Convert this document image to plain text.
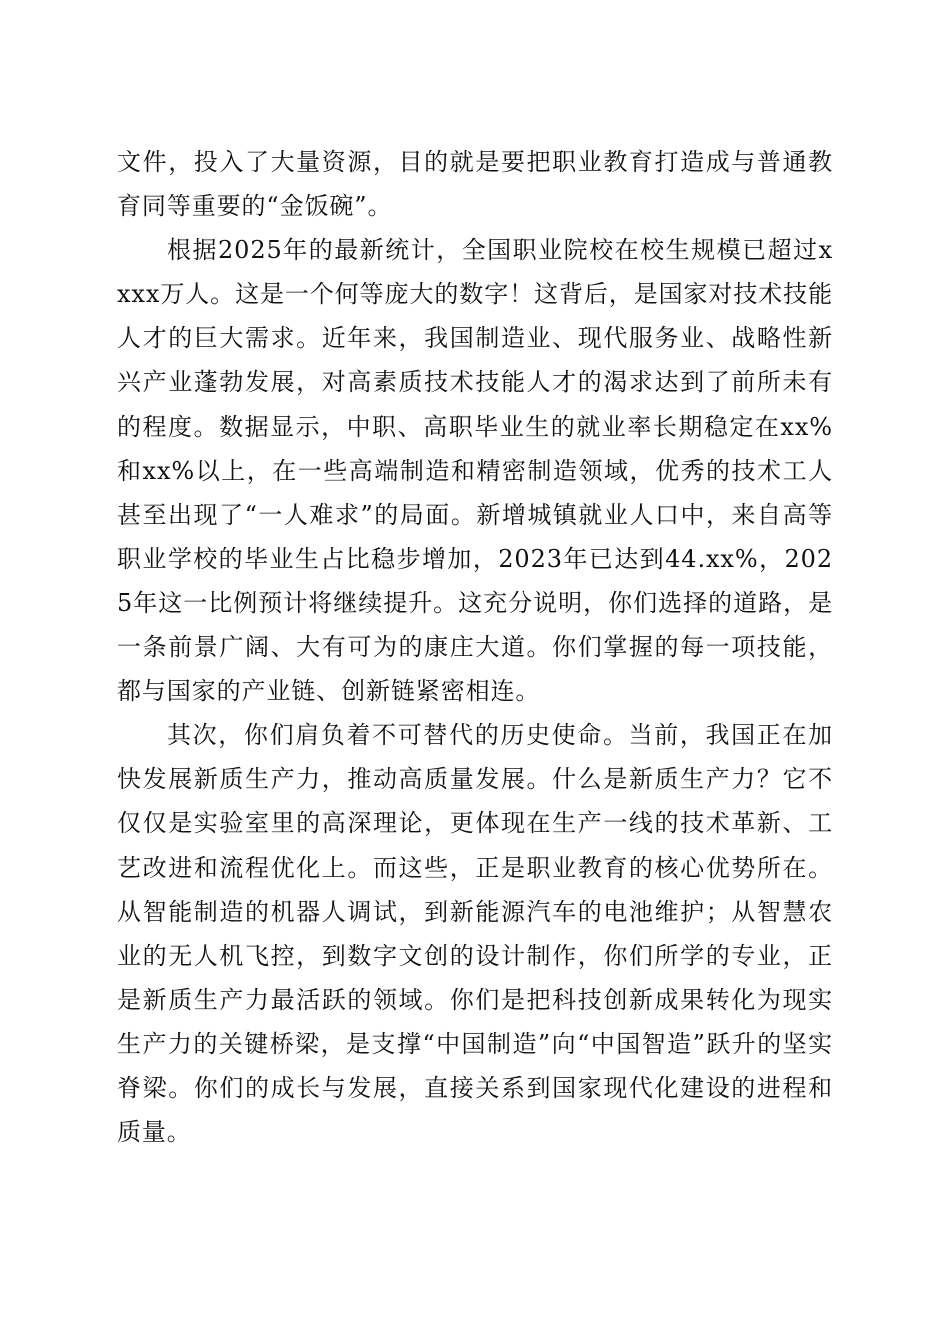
文件，投入了大量资源，目的就是要把职业教育打造成与普通教育同等重要的“金饭碗”。

根据2025年的最新统计，全国职业院校在校生规模已超过xxxx万人。这是一个何等庞大的数字！这背后，是国家对技术技能人才的巨大需求。近年来，我国制造业、现代服务业、战略性新兴产业蓬勃发展，对高素质技术技能人才的渴求达到了前所未有的程度。数据显示，中职、高职毕业生的就业率长期稳定在xx%和xx%以上，在一些高端制造和精密制造领域，优秀的技术工人甚至出现了“一人难求”的局面。新增城镇就业人口中，来自高等职业学校的毕业生占比稳步增加，2023年已达到44.xx%，2025年这一比例预计将继续提升。这充分说明，你们选择的道路，是一条前景广阔、大有可为的康庄大道。你们掌握的每一项技能，都与国家的产业链、创新链紧密相连。

其次，你们肩负着不可替代的历史使命。当前，我国正在加快发展新质生产力，推动高质量发展。什么是新质生产力？它不仅仅是实验室里的高深理论，更体现在生产一线的技术革新、工艺改进和流程优化上。而这些，正是职业教育的核心优势所在。从智能制造的机器人调试，到新能源汽车的电池维护；从智慧农业的无人机飞控，到数字文创的设计制作，你们所学的专业，正是新质生产力最活跃的领域。你们是把科技创新成果转化为现实生产力的关键桥梁，是支撑“中国制造”向“中国智造”跃升的坚实脊梁。你们的成长与发展，直接关系到国家现代化建设的进程和质量。
